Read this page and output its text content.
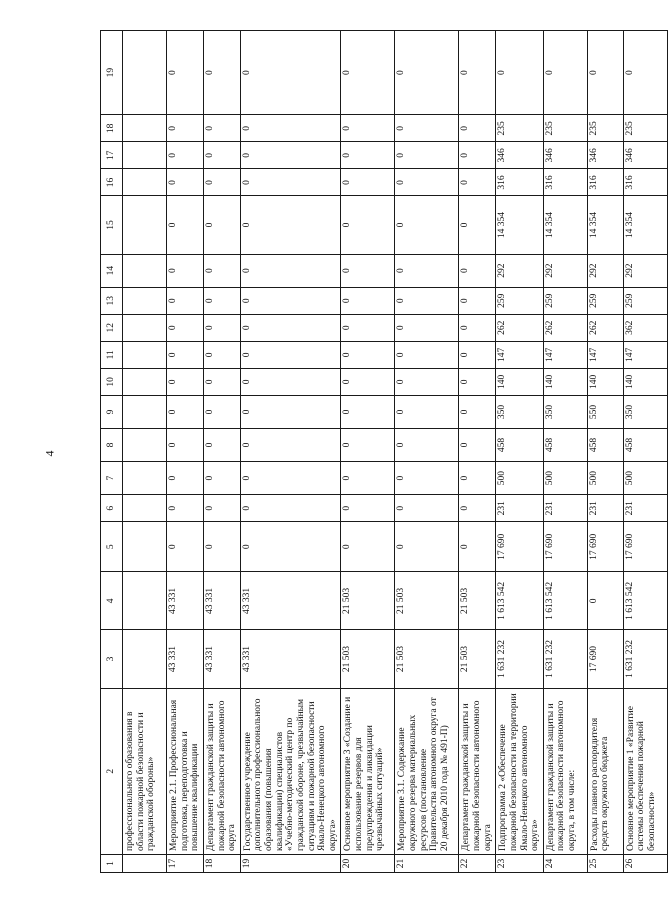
4
1	2	3	4	5	6	7	8	9	10	11	12	13	14	15	16	17	18	19
	профессионального образования в области пожарной безопасности и гражданской обороны»																	
17	Мероприятие 2.1. Профессиональная подготовка, переподготовка и повышение квалификации	43 331	43 331	0	0	0	0	0	0	0	0	0	0	0	0	0	0	0
18	Департамент гражданской защиты и пожарной безопасности автономного округа	43 331	43 331	0	0	0	0	0	0	0	0	0	0	0	0	0	0	0
19	Государственное учреждение дополнительного профессионального образования (повышения квалификации) специалистов «Учебно-методический центр по гражданской обороне, чрезвычайным ситуациям и пожарной безопасности Ямало-Ненецкого автономного округа»	43 331	43 331	0	0	0	0	0	0	0	0	0	0	0	0	0	0	0
20	Основное мероприятие 3 «Создание и использование резервов для предупреждения и ликвидации чрезвычайных ситуаций»	21 503	21 503	0	0	0	0	0	0	0	0	0	0	0	0	0	0	0
21	Мероприятие 3.1. Содержание окружного резерва материальных ресурсов (постановление Правительства автономного округа от 20 декабря 2010 года № 491-П)	21 503	21 503	0	0	0	0	0	0	0	0	0	0	0	0	0	0	0
22	Департамент гражданской защиты и пожарной безопасности автономного округа	21 503	21 503	0	0	0	0	0	0	0	0	0	0	0	0	0	0	0
23	Подпрограмма 2 «Обеспечение пожарной безопасности на территории Ямало-Ненецкого автономного округа»	1 631 232	1 613 542	17 690	231	500	458	350	140	147	262	259	292	14 354	316	346	235	0
24	Департамент гражданской защиты и пожарной безопасности автономного округа, в том числе:	1 631 232	1 613 542	17 690	231	500	458	350	140	147	262	259	292	14 354	316	346	235	0
25	Расходы главного распорядителя средств окружного бюджета	17 690	0	17 690	231	500	458	550	140	147	262	259	292	14 354	316	346	235	0
26	Основное мероприятие 1 «Развитие системы обеспечения пожарной безопасности»	1 631 232	1 613 542	17 690	231	500	458	350	140	147	362	259	292	14 354	316	346	235	0
